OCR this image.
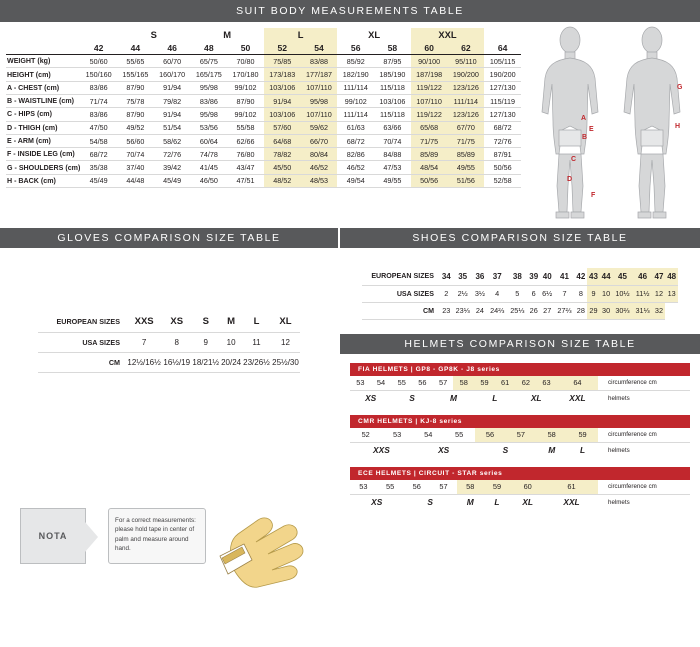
SUIT BODY MEASUREMENTS TABLE
		S		M		L		XL		XXL		
	42	44	46	48	50	52	54	56	58	60	62	64
WEIGHT (kg)	50/60	55/65	60/70	65/75	70/80	75/85	83/88	85/92	87/95	90/100	95/110	105/115
HEIGHT (cm)	150/160	155/165	160/170	165/175	170/180	173/183	177/187	182/190	185/190	187/198	190/200	190/200
A - CHEST (cm)	83/86	87/90	91/94	95/98	99/102	103/106	107/110	111/114	115/118	119/122	123/126	127/130
B - WAISTLINE (cm)	71/74	75/78	79/82	83/86	87/90	91/94	95/98	99/102	103/106	107/110	111/114	115/119
C - HIPS (cm)	83/86	87/90	91/94	95/98	99/102	103/106	107/110	111/114	115/118	119/122	123/126	127/130
D - THIGH (cm)	47/50	49/52	51/54	53/56	55/58	57/60	59/62	61/63	63/66	65/68	67/70	68/72
E - ARM (cm)	54/58	56/60	58/62	60/64	62/66	64/68	66/70	68/72	70/74	71/75	71/75	72/76
F - INSIDE LEG (cm)	68/72	70/74	72/76	74/78	76/80	78/82	80/84	82/86	84/88	85/89	85/89	87/91
G - SHOULDERS (cm)	35/38	37/40	39/42	41/45	43/47	45/50	46/52	46/52	47/53	48/54	49/55	50/56
H - BACK (cm)	45/49	44/48	45/49	46/50	47/51	48/52	48/53	49/54	49/55	50/56	51/56	52/58
A
B
C
E
D
F
G
H
GLOVES COMPARISON SIZE TABLE
EUROPEAN SIZES	XXS	XS	S	M	L	XL
USA SIZES	7	8	9	10	11	12
CM	12½/16½	16½/19	18/21½	20/24	23/26½	25½/30
NOTA
For a correct measurements: please hold tape in center of palm and measure around hand.
SHOES COMPARISON SIZE TABLE
EUROPEAN SIZES	34	35	36	37	38	39	40	41	42	43	44	45	46	47	48
USA SIZES	2	2½	3½	4	5	6	6½	7	8	9	10	10½	11½	12	13
CM	23	23⅓	24	24⅔	25⅓	26	27	27⅔	28	29	30	30⅔	31⅓	32	
HELMETS COMPARISON SIZE TABLE
FIA HELMETS | GP8 - GP8K - J8 series
53	54	55	56	57	58	59	61	62	63	64	circumference cm
XS		S		M		L		XL		XXL	helmets
CMR HELMETS | KJ-8 series
52	53	54	55	56	57	58	59	circumference cm
XXS		XS		S		M	L	helmets
ECE HELMETS | CIRCUIT - STAR series
53	55	56	57	58	59	60	61	circumference cm
XS		S		M	L	XL	XXL	helmets
